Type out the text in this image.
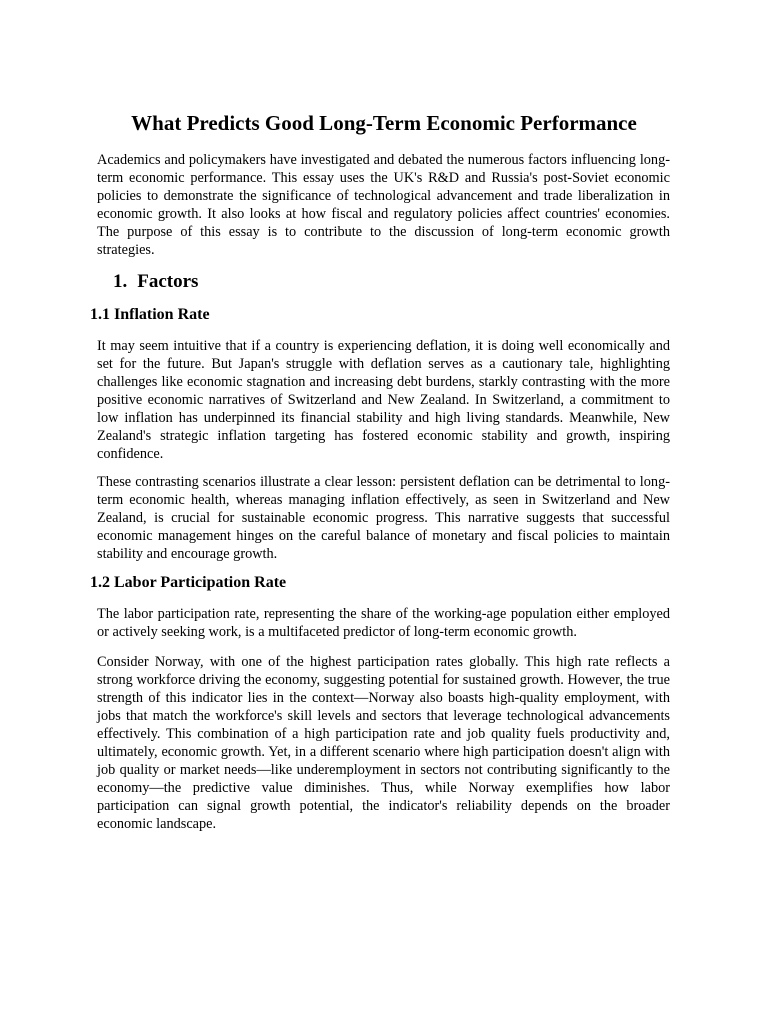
What Predicts Good Long-Term Economic Performance

Academics and policymakers have investigated and debated the numerous factors influencing long-term economic performance. This essay uses the UK's R&D and Russia's post-Soviet economic policies to demonstrate the significance of technological advancement and trade liberalization in economic growth. It also looks at how fiscal and regulatory policies affect countries' economies. The purpose of this essay is to contribute to the discussion of long-term economic growth strategies.

1. Factors
1.1 Inflation Rate

It may seem intuitive that if a country is experiencing deflation, it is doing well economically and set for the future. But Japan's struggle with deflation serves as a cautionary tale, highlighting challenges like economic stagnation and increasing debt burdens, starkly contrasting with the more positive economic narratives of Switzerland and New Zealand. In Switzerland, a commitment to low inflation has underpinned its financial stability and high living standards. Meanwhile, New Zealand's strategic inflation targeting has fostered economic stability and growth, inspiring confidence.

These contrasting scenarios illustrate a clear lesson: persistent deflation can be detrimental to long-term economic health, whereas managing inflation effectively, as seen in Switzerland and New Zealand, is crucial for sustainable economic progress. This narrative suggests that successful economic management hinges on the careful balance of monetary and fiscal policies to maintain stability and encourage growth.

1.2 Labor Participation Rate

The labor participation rate, representing the share of the working-age population either employed or actively seeking work, is a multifaceted predictor of long-term economic growth.

Consider Norway, with one of the highest participation rates globally. This high rate reflects a strong workforce driving the economy, suggesting potential for sustained growth. However, the true strength of this indicator lies in the context—Norway also boasts high-quality employment, with jobs that match the workforce's skill levels and sectors that leverage technological advancements effectively. This combination of a high participation rate and job quality fuels productivity and, ultimately, economic growth. Yet, in a different scenario where high participation doesn't align with job quality or market needs—like underemployment in sectors not contributing significantly to the economy—the predictive value diminishes. Thus, while Norway exemplifies how labor participation can signal growth potential, the indicator's reliability depends on the broader economic landscape.
